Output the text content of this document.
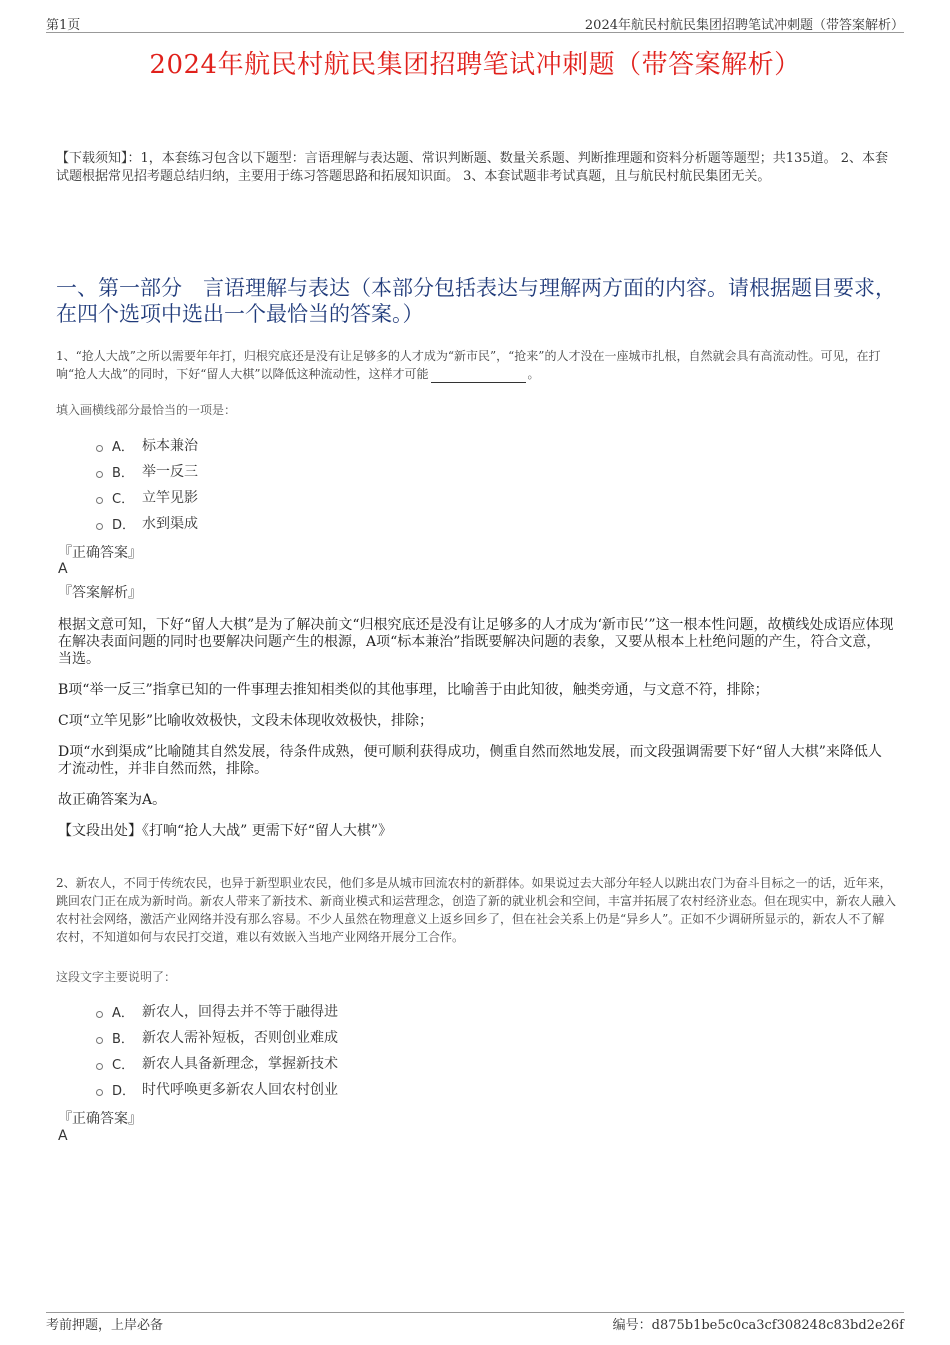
第1页	2024年航民村航民集团招聘笔试冲刺题（带答案解析）
2024年航民村航民集团招聘笔试冲刺题（带答案解析）
【下载须知】：1，本套练习包含以下题型：言语理解与表达题、常识判断题、数量关系题、判断推理题和资料分析题等题型；共135道。 2、本套试题根据常见招考题总结归纳，主要用于练习答题思路和拓展知识面。 3、本套试题非考试真题，且与航民村航民集团无关。
一、第一部分　言语理解与表达（本部分包括表达与理解两方面的内容。请根据题目要求，在四个选项中选出一个最恰当的答案。）
1、“抢人大战”之所以需要年年打，归根究底还是没有让足够多的人才成为“新市民”，“抢来”的人才没在一座城市扎根，自然就会具有高流动性。可见，在打响“抢人大战”的同时，下好“留人大棋”以降低这种流动性，这样才可能	。
填入画横线部分最恰当的一项是：
A． 标本兼治
B． 举一反三
C． 立竿见影
D． 水到渠成
『正确答案』
A
『答案解析』

根据文意可知，下好“留人大棋”是为了解决前文“归根究底还是没有让足够多的人才成为‘新市民’”这一根本性问题，故横线处成语应体现在解决表面问题的同时也要解决问题产生的根源，A项“标本兼治”指既要解决问题的表象，又要从根本上杜绝问题的产生，符合文意，当选。

B项“举一反三”指拿已知的一件事理去推知相类似的其他事理，比喻善于由此知彼，触类旁通，与文意不符，排除；

C项“立竿见影”比喻收效极快，文段未体现收效极快，排除；

D项“水到渠成”比喻随其自然发展，待条件成熟，便可顺利获得成功，侧重自然而然地发展，而文段强调需要下好“留人大棋”来降低人才流动性，并非自然而然，排除。

故正确答案为A。

【文段出处】《打响“抢人大战” 更需下好“留人大棋”》

2、新农人，不同于传统农民，也异于新型职业农民，他们多是从城市回流农村的新群体。如果说过去大部分年轻人以跳出农门为奋斗目标之一的话，近年来，跳回农门正在成为新时尚。新农人带来了新技术、新商业模式和运营理念，创造了新的就业机会和空间，丰富并拓展了农村经济业态。但在现实中，新农人融入农村社会网络，激活产业网络并没有那么容易。不少人虽然在物理意义上返乡回乡了，但在社会关系上仍是“异乡人”。正如不少调研所显示的，新农人不了解农村，不知道如何与农民打交道，难以有效嵌入当地产业网络开展分工合作。
这段文字主要说明了：
A． 新农人，回得去并不等于融得进
B． 新农人需补短板，否则创业难成
C． 新农人具备新理念，掌握新技术
D． 时代呼唤更多新农人回农村创业
『正确答案』
A
考前押题，上岸必备	编号：d875b1be5c0ca3cf308248c83bd2e26f
